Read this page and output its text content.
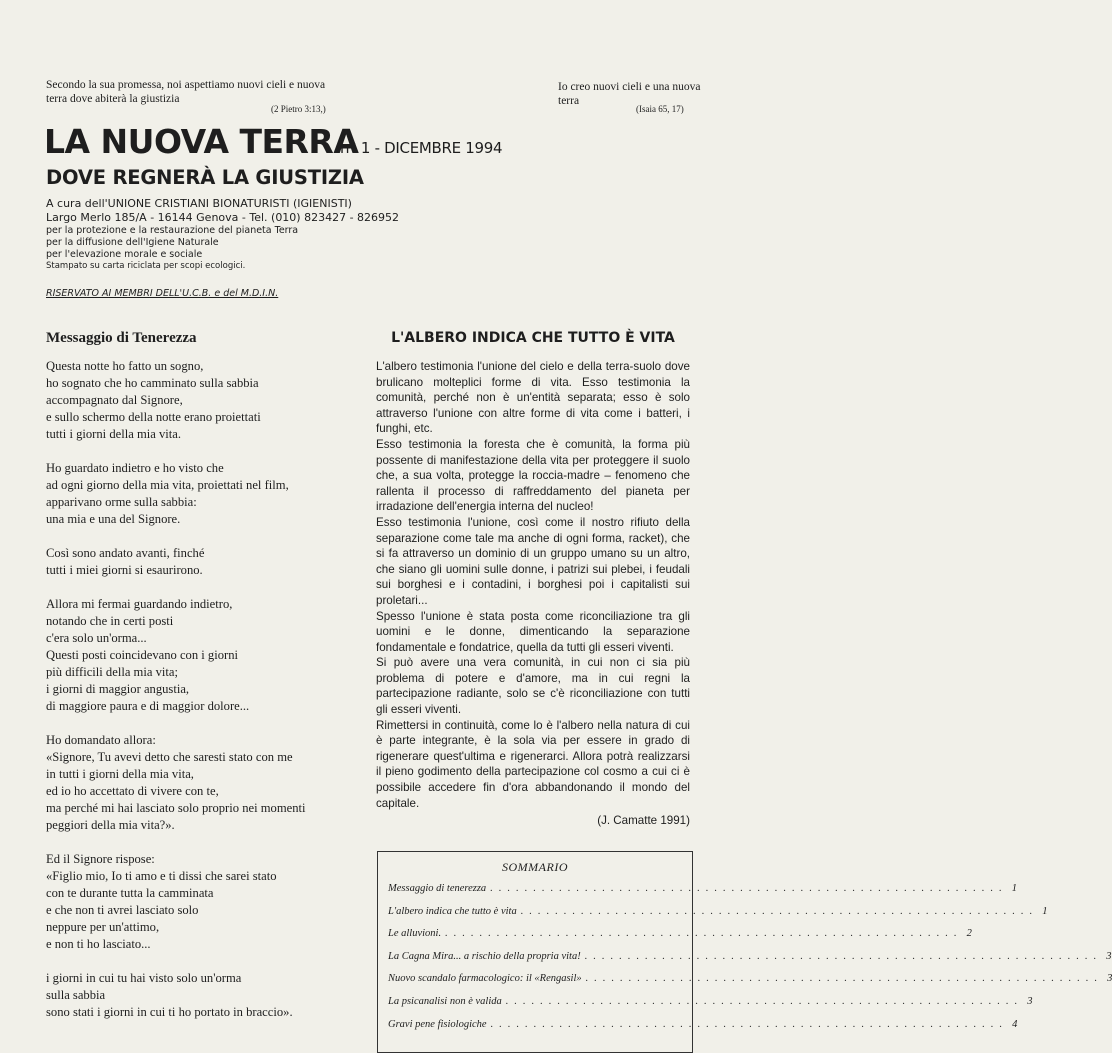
Secondo la sua promessa, noi aspettiamo nuovi cieli e nuova terra dove abiterà la giustizia
(2 Pietro 3:13,)
Io creo nuovi cieli e una nuova terra
(Isaia 65, 17)
LA NUOVA TERRA
n° 1 - DICEMBRE 1994
DOVE REGNERÀ LA GIUSTIZIA
A cura dell'UNIONE CRISTIANI BIONATURISTI (IGIENISTI)
Largo Merlo 185/A - 16144 Genova - Tel. (010) 823427 - 826952
per la protezione e la restaurazione del pianeta Terra
per la diffusione dell'Igiene Naturale
per l'elevazione morale e sociale
Stampato su carta riciclata per scopi ecologici.
RISERVATO AI MEMBRI DELL'U.C.B. e del M.D.I.N.
Messaggio di Tenerezza
Questa notte ho fatto un sogno,
ho sognato che ho camminato sulla sabbia
accompagnato dal Signore,
e sullo schermo della notte erano proiettati
tutti i giorni della mia vita.
Ho guardato indietro e ho visto che
ad ogni giorno della mia vita, proiettati nel film,
apparivano orme sulla sabbia:
una mia e una del Signore.
Così sono andato avanti, finché
tutti i miei giorni si esaurirono.
Allora mi fermai guardando indietro,
notando che in certi posti
c'era solo un'orma...
Questi posti coincidevano con i giorni
più difficili della mia vita;
i giorni di maggior angustia,
di maggiore paura e di maggior dolore...
Ho domandato allora:
«Signore, Tu avevi detto che saresti stato con me
in tutti i giorni della mia vita,
ed io ho accettato di vivere con te,
ma perché mi hai lasciato solo proprio nei momenti
peggiori della mia vita?».
Ed il Signore rispose:
«Figlio mio, Io ti amo e ti dissi che sarei stato
con te durante tutta la camminata
e che non ti avrei lasciato solo
neppure per un'attimo,
e non ti ho lasciato...
i giorni in cui tu hai visto solo un'orma
sulla sabbia
sono stati i giorni in cui ti ho portato in braccio».
L'ALBERO INDICA CHE TUTTO È VITA

L'albero testimonia l'unione del cielo e della terra-suolo dove brulicano molteplici forme di vita. Esso testimonia la comunità, perché non è un'entità separata; esso è solo attraverso l'unione con altre forme di vita come i batteri, i funghi, etc.

Esso testimonia la foresta che è comunità, la forma più possente di manifestazione della vita per proteggere il suolo che, a sua volta, protegge la roccia-madre – fenomeno che rallenta il processo di raffreddamento del pianeta per irradazione dell'energia interna del nucleo!

Esso testimonia l'unione, così come il nostro rifiuto della separazione come tale ma anche di ogni forma, racket), che si fa attraverso un dominio di un gruppo umano su un altro, che siano gli uomini sulle donne, i patrizi sui plebei, i feudali sui borghesi e i contadini, i borghesi poi i capitalisti sui proletari...

Spesso l'unione è stata posta come riconciliazione tra gli uomini e le donne, dimenticando la separazione fondamentale e fondatrice, quella da tutti gli esseri viventi.

Si può avere una vera comunità, in cui non ci sia più problema di potere e d'amore, ma in cui regni la partecipazione radiante, solo se c'è riconciliazione con tutti gli esseri viventi.

Rimettersi in continuità, come lo è l'albero nella natura di cui è parte integrante, è la sola via per essere in grado di rigenerare quest'ultima e rigenerarci. Allora potrà realizzarsi il pieno godimento della partecipazione col cosmo a cui ci è possibile accedere fin d'ora abbandonando il mondo del capitale.

(J. Camatte 1991)
SOMMARIO
Messaggio di tenerezza ............................................................ 1
L'albero indica che tutto è vita ............................................................ 1
Le alluvioni. ............................................................ 2
La Cagna Mira... a rischio della propria vita! ............................................................ 3
Nuovo scandalo farmacologico: il «Rengasil» ............................................................ 3
La psicanalisi non è valida ............................................................ 3
Gravi pene fisiologiche ............................................................ 4
